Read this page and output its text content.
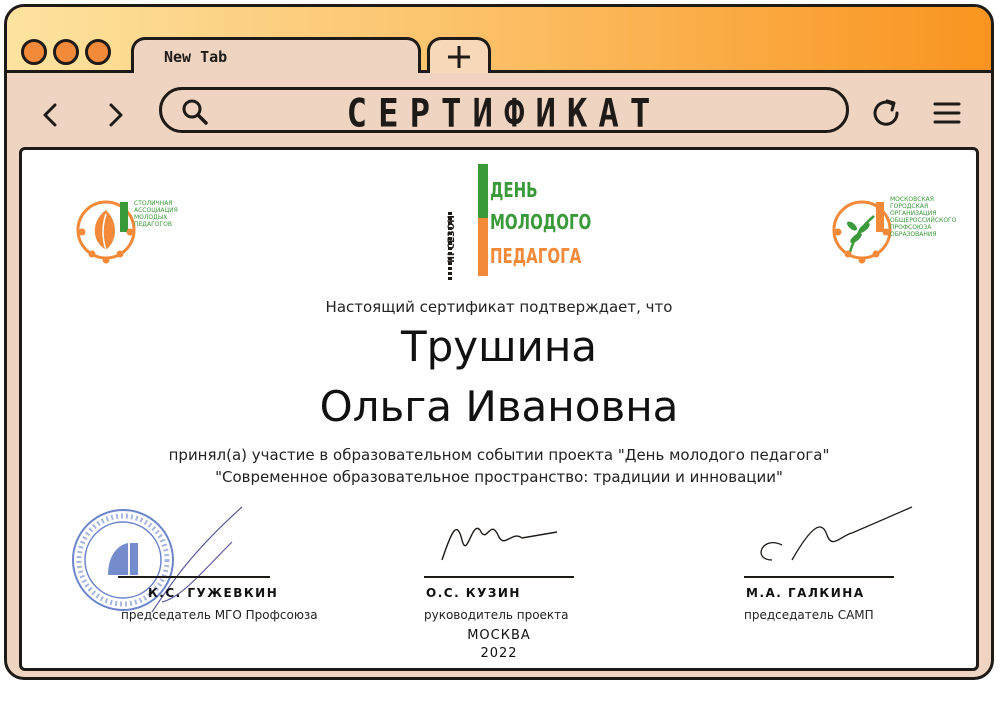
New Tab
СЕРТИФИКАТ
СТОЛИЧНАЯ
АССОЦИАЦИЯ
МОЛОДЫХ
ПЕДАГОГОВ	III СЕЗОН
ДЕНЬ
МОЛОДОГО
ПЕДАГОГА
МОСКОВСКАЯ
ГОРОДСКАЯ
ОРГАНИЗАЦИЯ
ОБЩЕРОССИЙСКОГО
ПРОФСОЮЗА
ОБРАЗОВАНИЯ
Настоящий сертификат подтверждает, что
Трушина
Ольга Ивановна
принял(а) участие в образовательном событии проекта "День молодого педагога"
"Современное образовательное пространство: традиции и инновации"
К.С. ГУЖЕВКИН
председатель МГО Профсоюза
О.С. КУЗИН
руководитель проекта
М.А. ГАЛКИНА
председатель САМП
МОСКВА
2022
